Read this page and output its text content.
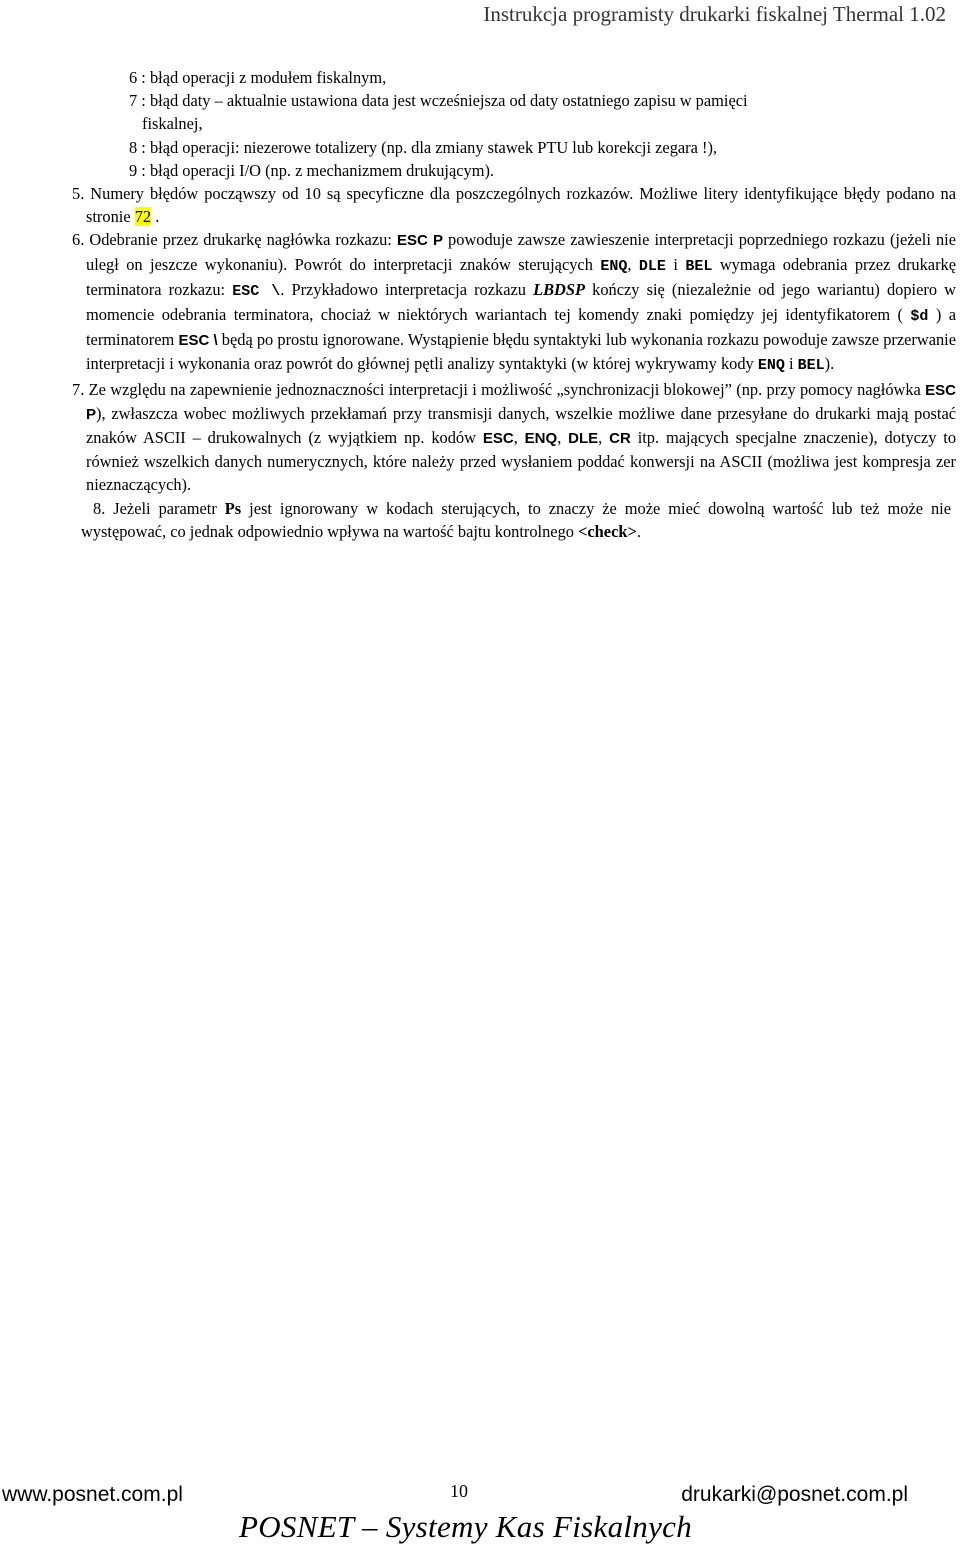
Instrukcja programisty drukarki fiskalnej Thermal 1.02
6 : błąd operacji z modułem fiskalnym,
7 : błąd daty – aktualnie ustawiona data jest wcześniejsza od daty ostatniego zapisu w pamięci
fiskalnej,
8 : błąd operacji: niezerowe totalizery (np. dla zmiany stawek PTU lub korekcji zegara !),
9 : błąd operacji I/O (np. z mechanizmem drukującym).
5. Numery błędów począwszy od 10 są specyficzne dla poszczególnych rozkazów. Możliwe litery identyfikujące błędy podano na stronie 72 .
6. Odebranie przez drukarkę nagłówka rozkazu: ESC P powoduje zawsze zawieszenie interpretacji poprzedniego rozkazu (jeżeli nie uległ on jeszcze wykonaniu). Powrót do interpretacji znaków sterujących ENQ, DLE i BEL wymaga odebrania przez drukarkę terminatora rozkazu: ESC \. Przykładowo interpretacja rozkazu LBDSP kończy się (niezależnie od jego wariantu) dopiero w momencie odebrania terminatora, chociaż w niektórych wariantach tej komendy znaki pomiędzy jej identyfikatorem ( $d ) a terminatorem ESC \ będą po prostu ignorowane. Wystąpienie błędu syntaktyki lub wykonania rozkazu powoduje zawsze przerwanie interpretacji i wykonania oraz powrót do głównej pętli analizy syntaktyki (w której wykrywamy kody ENQ i BEL).
7. Ze względu na zapewnienie jednoznaczności interpretacji i możliwość „synchronizacji blokowej” (np. przy pomocy nagłówka ESC P), zwłaszcza wobec możliwych przekłamań przy transmisji danych, wszelkie możliwe dane przesyłane do drukarki mają postać znaków ASCII – drukowalnych (z wyjątkiem np. kodów ESC, ENQ, DLE, CR itp. mających specjalne znaczenie), dotyczy to również wszelkich danych numerycznych, które należy przed wysłaniem poddać konwersji na ASCII (możliwa jest kompresja zer nieznaczących).
8. Jeżeli parametr Ps jest ignorowany w kodach sterujących, to znaczy że może mieć dowolną wartość lub też może nie występować, co jednak odpowiednio wpływa na wartość bajtu kontrolnego <check>.
www.posnet.com.pl	10	drukarki@posnet.com.pl
POSNET – Systemy Kas Fiskalnych
